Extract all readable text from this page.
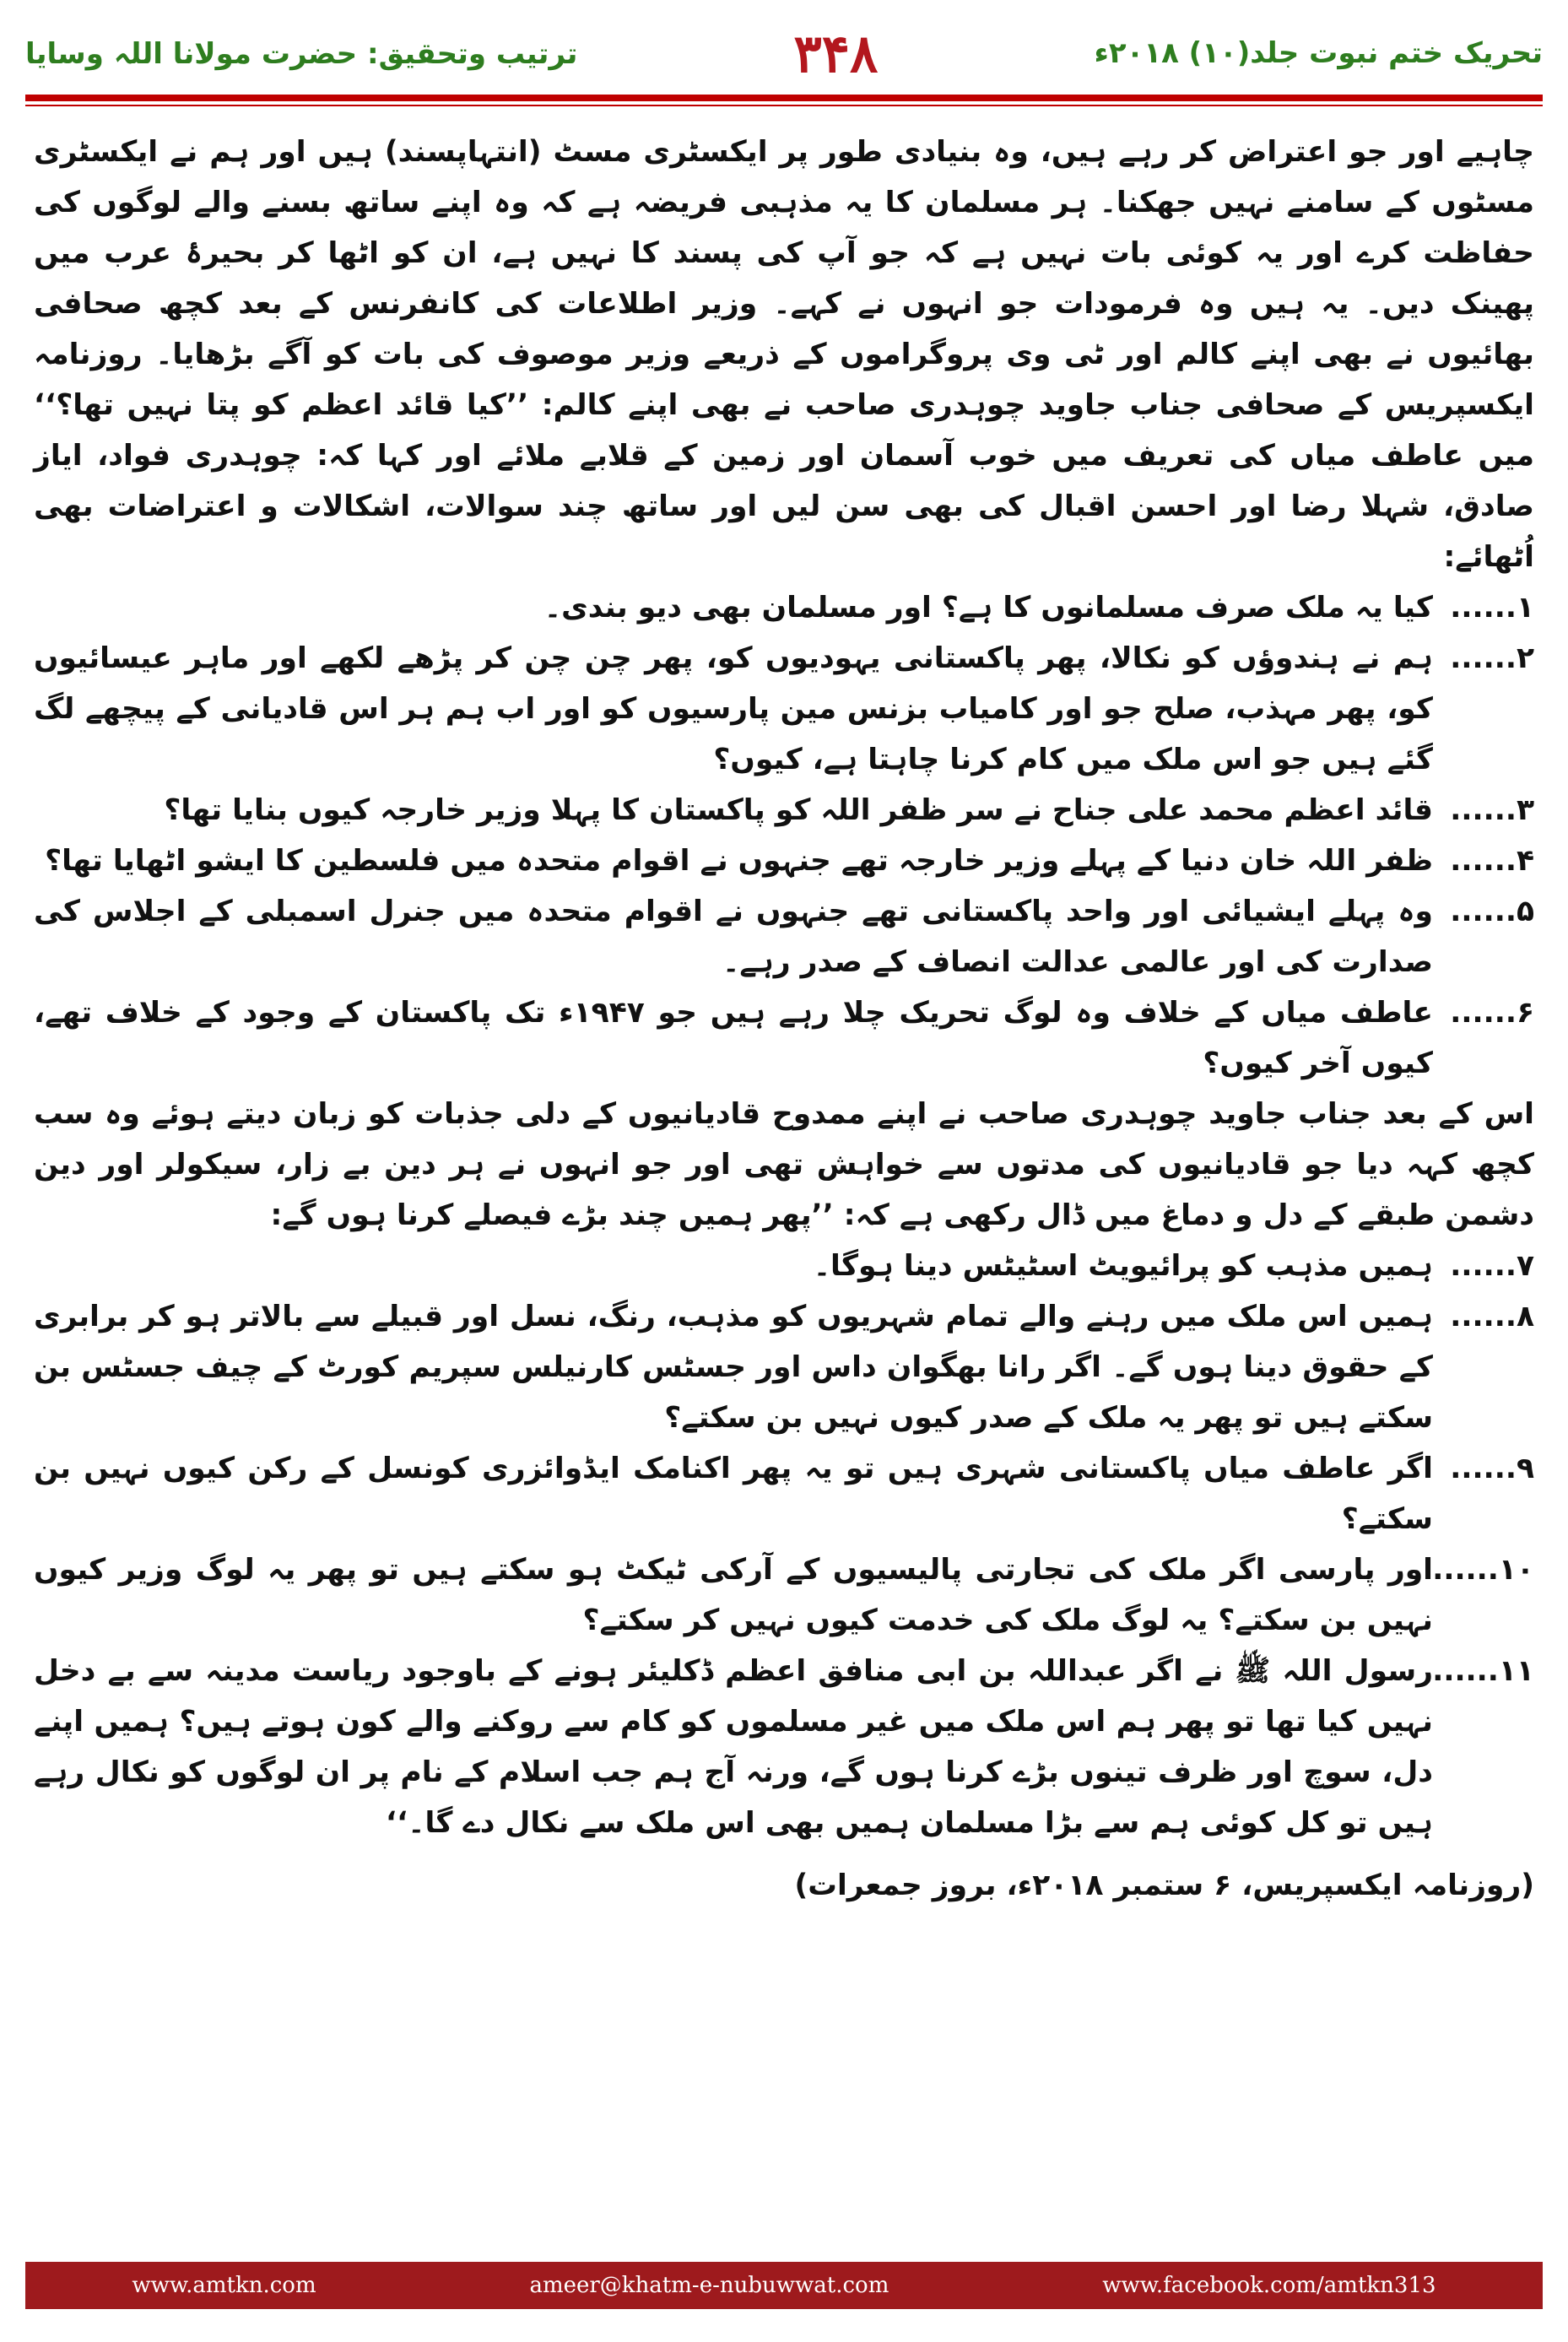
تحریک ختم نبوت جلد(۱۰) ۲۰۱۸ء
۳۴۸
ترتیب وتحقیق: حضرت مولانا اللہ وسایا

چاہیے اور جو اعتراض کر رہے ہیں، وہ بنیادی طور پر ایکسٹری مسٹ (انتہاپسند) ہیں اور ہم نے ایکسٹری مسٹوں کے سامنے نہیں جھکنا۔ ہر مسلمان کا یہ مذہبی فریضہ ہے کہ وہ اپنے ساتھ بسنے والے لوگوں کی حفاظت کرے اور یہ کوئی بات نہیں ہے کہ جو آپ کی پسند کا نہیں ہے، ان کو اٹھا کر بحیرۂ عرب میں پھینک دیں۔ یہ ہیں وہ فرمودات جو انہوں نے کہے۔ وزیر اطلاعات کی کانفرنس کے بعد کچھ صحافی بھائیوں نے بھی اپنے کالم اور ٹی وی پروگراموں کے ذریعے وزیر موصوف کی بات کو آگے بڑھایا۔ روزنامہ ایکسپریس کے صحافی جناب جاوید چوہدری صاحب نے بھی اپنے کالم: ’’کیا قائد اعظم کو پتا نہیں تھا؟‘‘ میں عاطف میاں کی تعریف میں خوب آسمان اور زمین کے قلابے ملائے اور کہا کہ: چوہدری فواد، ایاز صادق، شہلا رضا اور احسن اقبال کی بھی سن لیں اور ساتھ چند سوالات، اشکالات و اعتراضات بھی اُٹھائے:

۱......
کیا یہ ملک صرف مسلمانوں کا ہے؟ اور مسلمان بھی دیو بندی۔
۲......
ہم نے ہندوؤں کو نکالا، پھر پاکستانی یہودیوں کو، پھر چن چن کر پڑھے لکھے اور ماہر عیسائیوں کو، پھر مہذب، صلح جو اور کامیاب بزنس مین پارسیوں کو اور اب ہم ہر اس قادیانی کے پیچھے لگ گئے ہیں جو اس ملک میں کام کرنا چاہتا ہے، کیوں؟
۳......
قائد اعظم محمد علی جناح نے سر ظفر اللہ کو پاکستان کا پہلا وزیر خارجہ کیوں بنایا تھا؟
۴......
ظفر اللہ خان دنیا کے پہلے وزیر خارجہ تھے جنہوں نے اقوام متحدہ میں فلسطین کا ایشو اٹھایا تھا؟
۵......
وہ پہلے ایشیائی اور واحد پاکستانی تھے جنہوں نے اقوام متحدہ میں جنرل اسمبلی کے اجلاس کی صدارت کی اور عالمی عدالت انصاف کے صدر رہے۔
۶......
عاطف میاں کے خلاف وہ لوگ تحریک چلا رہے ہیں جو ۱۹۴۷ء تک پاکستان کے وجود کے خلاف تھے، کیوں آخر کیوں؟

اس کے بعد جناب جاوید چوہدری صاحب نے اپنے ممدوح قادیانیوں کے دلی جذبات کو زبان دیتے ہوئے وہ سب کچھ کہہ دیا جو قادیانیوں کی مدتوں سے خواہش تھی اور جو انہوں نے ہر دین بے زار، سیکولر اور دین دشمن طبقے کے دل و دماغ میں ڈال رکھی ہے کہ: ’’پھر ہمیں چند بڑے فیصلے کرنا ہوں گے:

۷......
ہمیں مذہب کو پرائیویٹ اسٹیٹس دینا ہوگا۔
۸......
ہمیں اس ملک میں رہنے والے تمام شہریوں کو مذہب، رنگ، نسل اور قبیلے سے بالاتر ہو کر برابری کے حقوق دینا ہوں گے۔ اگر رانا بھگوان داس اور جسٹس کارنیلس سپریم کورٹ کے چیف جسٹس بن سکتے ہیں تو پھر یہ ملک کے صدر کیوں نہیں بن سکتے؟
۹......
اگر عاطف میاں پاکستانی شہری ہیں تو یہ پھر اکنامک ایڈوائزری کونسل کے رکن کیوں نہیں بن سکتے؟
۱۰......
اور پارسی اگر ملک کی تجارتی پالیسیوں کے آرکی ٹیکٹ ہو سکتے ہیں تو پھر یہ لوگ وزیر کیوں نہیں بن سکتے؟ یہ لوگ ملک کی خدمت کیوں نہیں کر سکتے؟
۱۱......
رسول اللہ ﷺ نے اگر عبداللہ بن ابی منافق اعظم ڈکلیئر ہونے کے باوجود ریاست مدینہ سے بے دخل نہیں کیا تھا تو پھر ہم اس ملک میں غیر مسلموں کو کام سے روکنے والے کون ہوتے ہیں؟ ہمیں اپنے دل، سوچ اور ظرف تینوں بڑے کرنا ہوں گے، ورنہ آج ہم جب اسلام کے نام پر ان لوگوں کو نکال رہے ہیں تو کل کوئی ہم سے بڑا مسلمان ہمیں بھی اس ملک سے نکال دے گا۔‘‘

(روزنامہ ایکسپریس، ۶ ستمبر ۲۰۱۸ء، بروز جمعرات)

www.amtkn.com	ameer@khatm-e-nubuwwat.com	www.facebook.com/amtkn313
